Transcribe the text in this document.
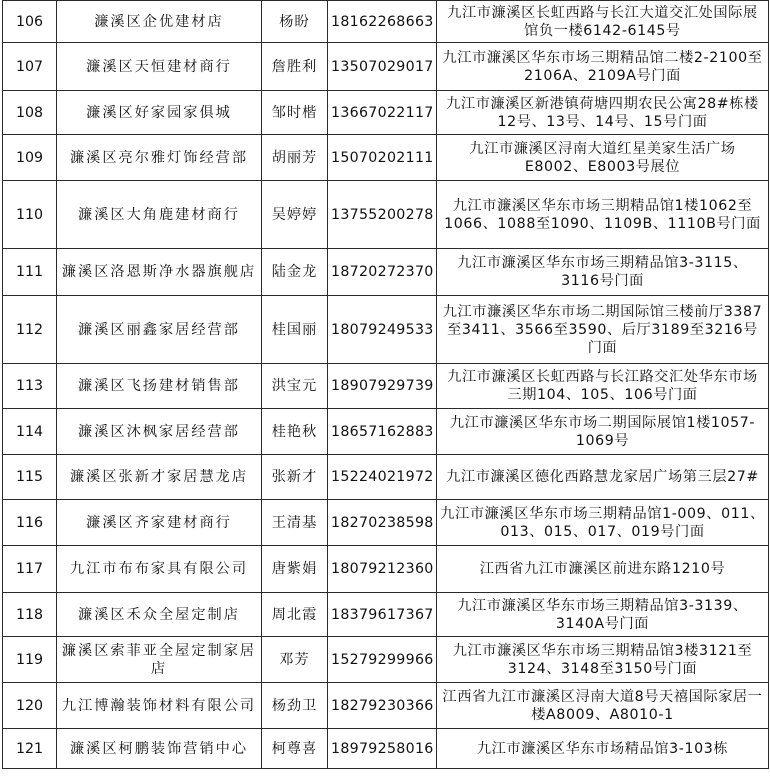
106	濂溪区企优建材店	杨盼	18162268663	九江市濂溪区长虹西路与长江大道交汇处国际展馆负一楼6142-6145号
107	濂溪区天恒建材商行	詹胜利	13507029017	九江市濂溪区华东市场三期精品馆二楼2-2100至2106A、2109A号门面
108	濂溪区好家园家俱城	邹时楷	13667022117	九江市濂溪区新港镇荷塘四期农民公寓28#栋楼12号、13号、14号、15号门面
109	濂溪区亮尔雅灯饰经营部	胡丽芳	15070202111	九江市濂溪区浔南大道红星美家生活广场E8002、E8003号展位
110	濂溪区大角鹿建材商行	吴婷婷	13755200278	九江市濂溪区华东市场三期精品馆1楼1062至1066、1088至1090、1109B、1110B号门面
111	濂溪区洛恩斯净水器旗舰店	陆金龙	18720272370	九江市濂溪区华东市场三期精品馆3-3115、3116号门面
112	濂溪区丽鑫家居经营部	桂国丽	18079249533	九江市濂溪区华东市场二期国际馆三楼前厅3387至3411、3566至3590、后厅3189至3216号门面
113	濂溪区飞扬建材销售部	洪宝元	18907929739	九江市濂溪区长虹西路与长江路交汇处华东市场三期104、105、106号门面
114	濂溪区沐枫家居经营部	桂艳秋	18657162883	九江市濂溪区华东市场二期国际展馆1楼1057-1069号
115	濂溪区张新才家居慧龙店	张新才	15224021972	九江市濂溪区德化西路慧龙家居广场第三层27#
116	濂溪区齐家建材商行	王清基	18270238598	九江市濂溪区华东市场三期精品馆1-009、011、013、015、017、019号门面
117	九江市布布家具有限公司	唐紫娟	18079212360	江西省九江市濂溪区前进东路1210号
118	濂溪区禾众全屋定制店	周北霞	18379617367	九江市濂溪区华东市场三期精品馆3-3139、3140A号门面
119	濂溪区索菲亚全屋定制家居店	邓芳	15279299966	九江市濂溪区华东市场三期精品馆3楼3121至3124、3148至3150号门面
120	九江博瀚装饰材料有限公司	杨劲卫	18279230366	江西省九江市濂溪区浔南大道8号天禧国际家居一楼A8009、A8010-1
121	濂溪区柯鹏装饰营销中心	柯尊喜	18979258016	九江市濂溪区华东市场精品馆3-103栋
